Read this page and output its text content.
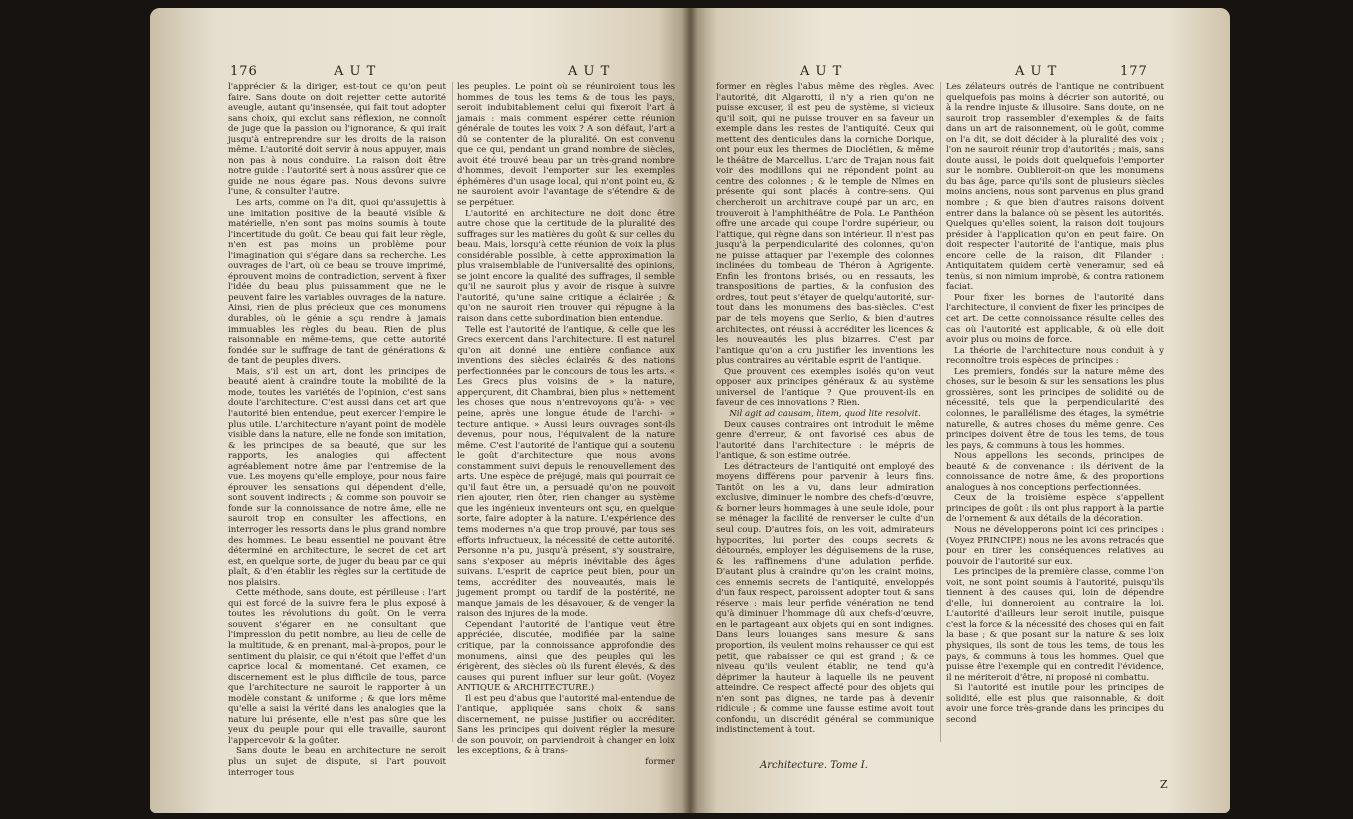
176	A U T	A U T

l'apprécier & la diriger, est-tout ce qu'on peut faire. Sans doute on doit rejetter cette autorité aveugle, autant qu'insensée, qui fait tout adopter sans choix, qui exclut sans réflexion, ne connoît de juge que la passion ou l'ignorance, & qui irait jusqu'à entreprendre sur les droits de la raison même. L'autorité doit servir à nous appuyer, mais non pas à nous conduire. La raison doit être notre guide : l'autorité sert à nous assûrer que ce guide ne nous égare pas. Nous devons suivre l'une, & consulter l'autre.

Les arts, comme on l'a dit, quoi qu'assujettis à une imitation positive de la beauté visible & matérielle, n'en sont pas moins soumis à toute l'incertitude du goût. Ce beau qui fait leur règle, n'en est pas moins un problème pour l'imagination qui s'égare dans sa recherche. Les ouvrages de l'art, où ce beau se trouve imprimé, éprouvent moins de contradiction, servent à fixer l'idée du beau plus puissamment que ne le peuvent faire les variables ouvrages de la nature. Ainsi, rien de plus précieux que ces monumens durables, où le génie a sçu rendre à jamais immuables les règles du beau. Rien de plus raisonnable en même-tems, que cette autorité fondée sur le suffrage de tant de générations & de tant de peuples divers.

Mais, s'il est un art, dont les principes de beauté aient à craindre toute la mobilité de la mode, toutes les variétés de l'opinion, c'est sans doute l'architecture. C'est aussi dans cet art que l'autorité bien entendue, peut exercer l'empire le plus utile. L'architecture n'ayant point de modèle visible dans la nature, elle ne fonde son imitation, & les principes de sa beauté, que sur les rapports, les analogies qui affectent agréablement notre âme par l'entremise de la vue. Les moyens qu'elle employe, pour nous faire éprouver les sensations qui dépendent d'elle, sont souvent indirects ; & comme son pouvoir se fonde sur la connoissance de notre âme, elle ne sauroit trop en consulter les affections, en interroger les ressorts dans le plus grand nombre des hommes. Le beau essentiel ne pouvant être déterminé en architecture, le secret de cet art est, en quelque sorte, de juger du beau par ce qui plaît, & d'en établir les règles sur la certitude de nos plaisirs.

Cette méthode, sans doute, est périlleuse : l'art qui est forcé de la suivre fera le plus exposé à toutes les révolutions du goût. On le verra souvent s'égarer en ne consultant que l'impression du petit nombre, au lieu de celle de la multitude, & en prenant, mal-à-propos, pour le sentiment du plaisir, ce qui n'étoit que l'effet d'un caprice local & momentané. Cet examen, ce discernement est le plus difficile de tous, parce que l'architecture ne sauroit le rapporter à un modèle constant & uniforme ; & que lors même qu'elle a saisi la vérité dans les analogies que la nature lui présente, elle n'est pas sûre que les yeux du peuple pour qui elle travaille, sauront l'appercevoir & la goûter.

Sans doute le beau en architecture ne seroit plus un sujet de dispute, si l'art pouvoit interroger tous

les peuples. Le point où se réuniroient tous les hommes de tous les tems & de tous les pays, seroit indubitablement celui qui fixeroit l'art à jamais : mais comment espérer cette réunion générale de toutes les voix ? A son défaut, l'art a dû se contenter de la pluralité. On est convenu que ce qui, pendant un grand nombre de siècles, avoit été trouvé beau par un très-grand nombre d'hommes, devoit l'emporter sur les exemples éphémères d'un usage local, qui n'ont point eu, & ne sauroient avoir l'avantage de s'étendre & de se perpétuer.

L'autorité en architecture ne doit donc être autre chose que la certitude de la pluralité des suffrages sur les matières du goût & sur celles du beau. Mais, lorsqu'à cette réunion de voix la plus considérable possible, à cette approximation la plus vraisemblable de l'universalité des opinions, se joint encore la qualité des suffrages, il semble qu'il ne sauroit plus y avoir de risque à suivre l'autorité, qu'une saine critique a éclairée ; & qu'on ne sauroit rien trouver qui répugne à la raison dans cette subordination bien entendue.

Telle est l'autorité de l'antique, & celle que les Grecs exercent dans l'architecture. Il est naturel qu'on ait donné une entière confiance aux inventions des siècles éclairés & des nations perfectionnées par le concours de tous les arts. « Les Grecs plus voisins de » la nature, apperçurent, dit Chambrai, bien plus » nettement les choses que nous n'entrevoyons qu'à- » vec peine, après une longue étude de l'archi- » tecture antique. » Aussi leurs ouvrages sont-ils devenus, pour nous, l'équivalent de la nature même. C'est l'autorité de l'antique qui a soutenu le goût d'architecture que nous avons constamment suivi depuis le renouvellement des arts. Une espèce de préjugé, mais qui pourrait ce qu'il faut être un, a persuadé qu'on ne pouvoit rien ajouter, rien ôter, rien changer au système que les ingénieux inventeurs ont sçu, en quelque sorte, faire adopter à la nature. L'expérience des tems modernes n'a que trop prouvé, par tous ses efforts infructueux, la nécessité de cette autorité. Personne n'a pu, jusqu'à présent, s'y soustraire, sans s'exposer au mépris inévitable des âges suivans. L'esprit de caprice peut bien, pour un tems, accréditer des nouveautés, mais le jugement prompt ou tardif de la postérité, ne manque jamais de les désavouer, & de venger la raison des injures de la mode.

Cependant l'autorité de l'antique veut être appréciée, discutée, modifiée par la saine critique, par la connoissance approfondie des monumens, ainsi que des peuples qui les érigèrent, des siècles où ils furent élevés, & des causes qui purent influer sur leur goût. (Voyez ANTIQUE & ARCHITECTURE.)

Il est peu d'abus que l'autorité mal-entendue de l'antique, appliquée sans choix & sans discernement, ne puisse justifier ou accréditer. Sans les principes qui doivent régler la mesure de son pouvoir, on parviendroit à changer en loix les exceptions, & à trans-

former

A U T	A U T	177

former en règles l'abus même des règles. Avec l'autorité, dit Algarotti, il n'y a rien qu'on ne puisse excuser, il est peu de système, si vicieux qu'il soit, qui ne puisse trouver en sa faveur un exemple dans les restes de l'antiquité. Ceux qui mettent des denticules dans la corniche Dorique, ont pour eux les thermes de Dioclétien, & même le théâtre de Marcellus. L'arc de Trajan nous fait voir des modillons qui ne répondent point au centre des colonnes ; & le temple de Nîmes en présente qui sont placés à contre-sens. Qui chercheroit un architrave coupé par un arc, en trouveroit à l'amphithéâtre de Pola. Le Panthéon offre une arcade qui coupe l'ordre supérieur, ou l'attique, qui règne dans son intérieur. Il n'est pas jusqu'à la perpendicularité des colonnes, qu'on ne puisse attaquer par l'exemple des colonnes inclinées du tombeau de Théron à Agrigente. Enfin les frontons brisés, ou en ressauts, les transpositions de parties, & la confusion des ordres, tout peut s'étayer de quelqu'autorité, sur-tout dans les monumens des bas-siècles. C'est par de tels moyens que Serlio, & bien d'autres architectes, ont réussi à accréditer les licences & les nouveautés les plus bizarres. C'est par l'antique qu'on a cru justifier les inventions les plus contraires au véritable esprit de l'antique.

Que prouvent ces exemples isolés qu'on veut opposer aux principes généraux & au système universel de l'antique ? Que prouvent-ils en faveur de ces innovations ? Rien.

Nil agit ad causam, litem, quod lite resolvit.

Deux causes contraires ont introduit le même genre d'erreur, & ont favorisé ces abus de l'autorité dans l'architecture : le mépris de l'antique, & son estime outrée.

Les détracteurs de l'antiquité ont employé des moyens différens pour parvenir à leurs fins. Tantôt on les a vu, dans leur admiration exclusive, diminuer le nombre des chefs-d'œuvre, & borner leurs hommages à une seule idole, pour se ménager la facilité de renverser le culte d'un seul coup. D'autres fois, on les voit, admirateurs hypocrites, lui porter des coups secrets & détournés, employer les déguisemens de la ruse, & les raffinemens d'une adulation perfide. D'autant plus à craindre qu'on les craint moins, ces ennemis secrets de l'antiquité, enveloppés d'un faux respect, paroissent adopter tout & sans réserve : mais leur perfide vénération ne tend qu'à diminuer l'hommage dû aux chefs-d'œuvre, en le partageant aux objets qui en sont indignes. Dans leurs louanges sans mesure & sans proportion, ils veulent moins rehausser ce qui est petit, que rabaisser ce qui est grand ; & ce niveau qu'ils veulent établir, ne tend qu'à déprimer la hauteur à laquelle ils ne peuvent atteindre. Ce respect affecté pour des objets qui n'en sont pas dignes, ne tarde pas à devenir ridicule ; & comme une fausse estime avoit tout confondu, un discrédit général se communique indistinctement à tout.

Les zélateurs outrés de l'antique ne contribuent quelquefois pas moins à décrier son autorité, ou à la rendre injuste & illusoire. Sans doute, on ne sauroit trop rassembler d'exemples & de faits dans un art de raisonnement, où le goût, comme on l'a dit, se doit décider à la pluralité des voix ; l'on ne sauroit réunir trop d'autorités ; mais, sans doute aussi, le poids doit quelquefois l'emporter sur le nombre. Oublieroit-on que les monumens du bas âge, parce qu'ils sont de plusieurs siècles moins anciens, nous sont parvenus en plus grand nombre ; & que bien d'autres raisons doivent entrer dans la balance où se pèsent les autorités. Quelques qu'elles soient, la raison doit toujours présider à l'application qu'on en peut faire. On doit respecter l'autorité de l'antique, mais plus encore celle de la raison, dit Filander : Antiquitatem quidem certè veneramur, sed eâ tenùs, si non nimium improbè, & contra rationem faciat.

Pour fixer les bornes de l'autorité dans l'architecture, il convient de fixer les principes de cet art. De cette connoissance résulte celles des cas où l'autorité est applicable, & où elle doit avoir plus ou moins de force.

La théorie de l'architecture nous conduit à y reconnoître trois espèces de principes :

Les premiers, fondés sur la nature même des choses, sur le besoin & sur les sensations les plus grossières, sont les principes de solidité ou de nécessité, tels que la perpendicularité des colonnes, le parallélisme des étages, la symétrie naturelle, & autres choses du même genre. Ces principes doivent être de tous les tems, de tous les pays, & communs à tous les hommes.

Nous appellons les seconds, principes de beauté & de convenance : ils dérivent de la connoissance de notre âme, & des proportions analogues à nos conceptions perfectionnées.

Ceux de la troisième espèce s'appellent principes de goût : ils ont plus rapport à la partie de l'ornement & aux détails de la décoration.

Nous ne développerons point ici ces principes : (Voyez PRINCIPE) nous ne les avons retracés que pour en tirer les conséquences relatives au pouvoir de l'autorité sur eux.

Les principes de la première classe, comme l'on voit, ne sont point soumis à l'autorité, puisqu'ils tiennent à des causes qui, loin de dépendre d'elle, lui donneroient au contraire la loi. L'autorité d'ailleurs leur seroit inutile, puisque c'est la force & la nécessité des choses qui en fait la base ; & que posant sur la nature & ses loix physiques, ils sont de tous les tems, de tous les pays, & communs à tous les hommes. Quel que puisse être l'exemple qui en contredit l'évidence, il ne mériteroit d'être, ni proposé ni combattu.

Si l'autorité est inutile pour les principes de solidité, elle est plus que raisonnable, & doit avoir une force très-grande dans les principes du second

Architecture. Tome I.
Z
